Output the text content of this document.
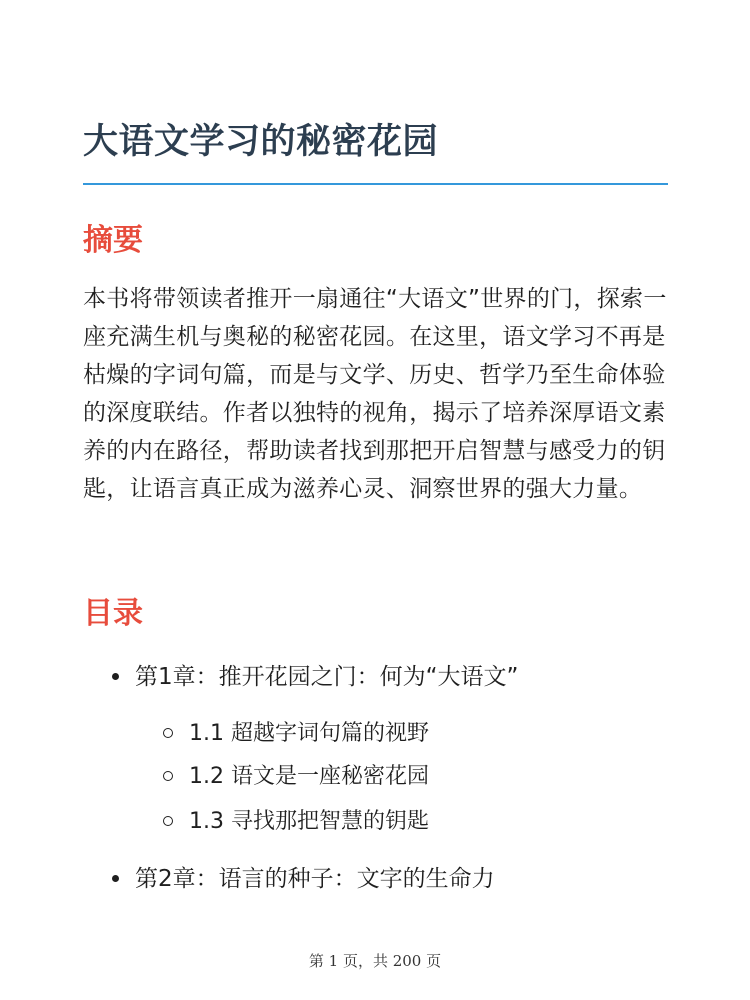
大语文学习的秘密花园
摘要

本书将带领读者推开一扇通往“大语文”世界的门，探索一座充满生机与奥秘的秘密花园。在这里，语文学习不再是枯燥的字词句篇，而是与文学、历史、哲学乃至生命体验的深度联结。作者以独特的视角，揭示了培养深厚语文素养的内在路径，帮助读者找到那把开启智慧与感受力的钥匙，让语言真正成为滋养心灵、洞察世界的强大力量。

目录
第1章：推开花园之门：何为“大语文”
1.1 超越字词句篇的视野
1.2 语文是一座秘密花园
1.3 寻找那把智慧的钥匙
第2章：语言的种子：文字的生命力
第 1 页，共 200 页
